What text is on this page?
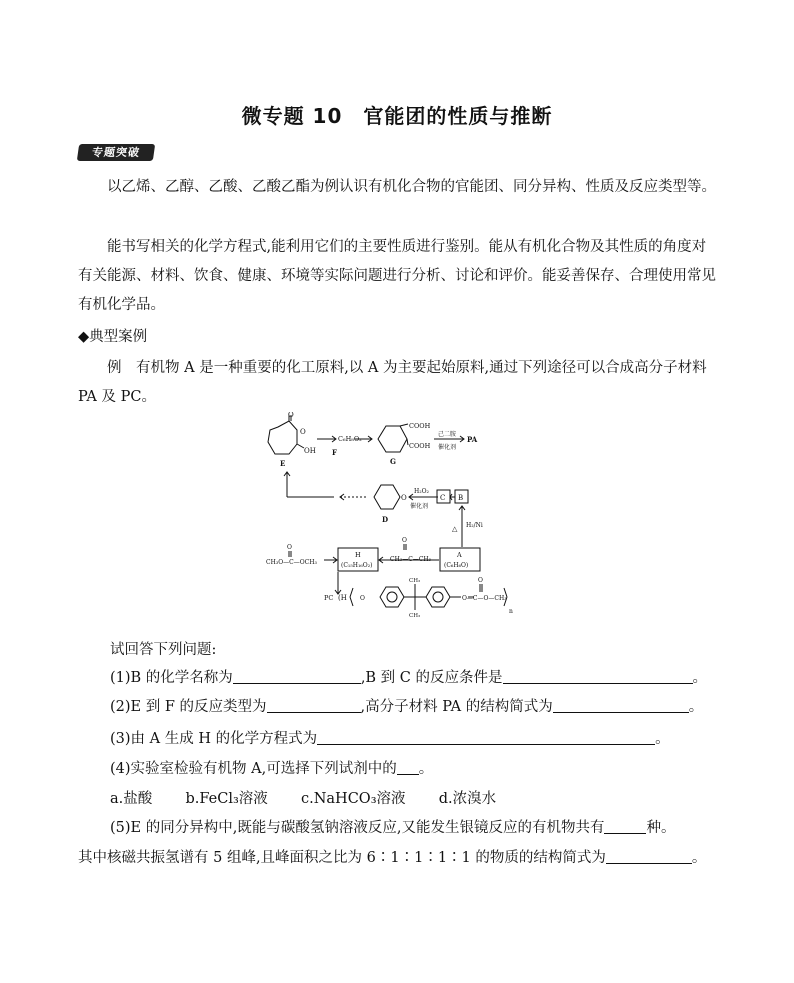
微专题 10　官能团的性质与推断
专题突破
以乙烯、乙醇、乙酸、乙酸乙酯为例认识有机化合物的官能团、同分异构、性质及反应类型等。
能书写相关的化学方程式,能利用它们的主要性质进行鉴别。能从有机化合物及其性质的角度对有关能源、材料、饮食、健康、环境等实际问题进行分析、讨论和评价。能妥善保存、合理使用常见有机化学品。
◆典型案例
例　有机物 A 是一种重要的化工原料,以 A 为主要起始原料,通过下列途径可以合成高分子材料 PA 及 PC。
O
O
OH
E
C₆H₈O₂
F
COOH
COOH
G
己二胺
催化剂
PA
O
D
H₂O₂
催化剂
C B
△ H₂/Ni
CH₃O—C—OCH₃
O
H
(C₁₅H₁₆O₂)
CH₃—C—CH₃
O
A
(C₆H₆O)
PC (H O
CH₃
CH₃
O—C—O—CH₃
O
n
试回答下列问题:
(1)B 的化学名称为	,B 到 C 的反应条件是	。
(2)E 到 F 的反应类型为	,高分子材料 PA 的结构简式为	。
(3)由 A 生成 H 的化学方程式为	。
(4)实验室检验有机物 A,可选择下列试剂中的 。
a.盐酸 b.FeCl₃溶液 c.NaHCO₃溶液 d.浓溴水
(5)E 的同分异构中,既能与碳酸氢钠溶液反应,又能发生银镜反应的有机物共有	种。
其中核磁共振氢谱有 5 组峰,且峰面积之比为 6∶1∶1∶1∶1 的物质的结构简式为	。
